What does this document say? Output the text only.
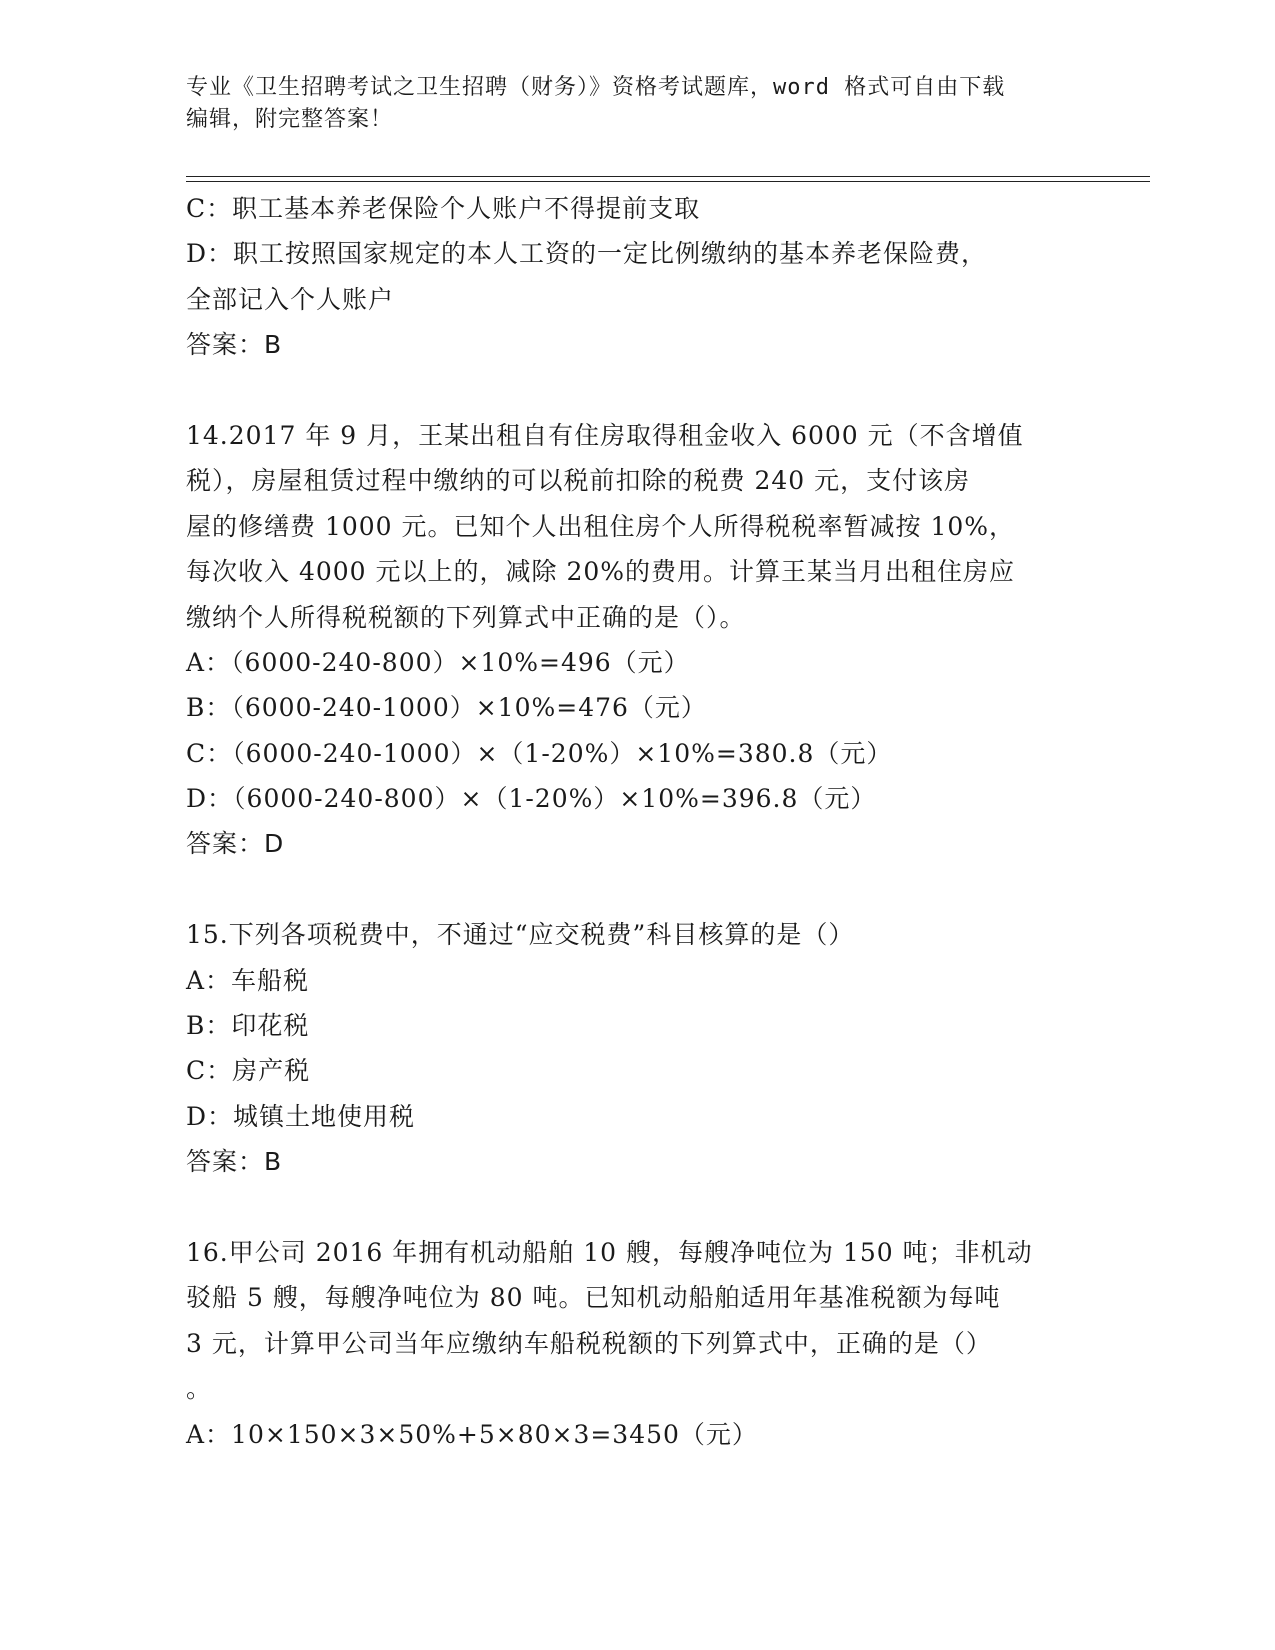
专业《卫生招聘考试之卫生招聘（财务）》资格考试题库，word 格式可自由下载
编辑，附完整答案！
C：职工基本养老保险个人账户不得提前支取
D：职工按照国家规定的本人工资的一定比例缴纳的基本养老保险费，
全部记入个人账户
答案：B
14.2017 年 9 月，王某出租自有住房取得租金收入 6000 元（不含增值
税），房屋租赁过程中缴纳的可以税前扣除的税费 240 元，支付该房
屋的修缮费 1000 元。已知个人出租住房个人所得税税率暂减按 10%，
每次收入 4000 元以上的，减除 20%的费用。计算王某当月出租住房应
缴纳个人所得税税额的下列算式中正确的是（）。
A：（6000-240-800）×10%=496（元）
B：（6000-240-1000）×10%=476（元）
C：（6000-240-1000）×（1-20%）×10%=380.8（元）
D：（6000-240-800）×（1-20%）×10%=396.8（元）
答案：D
15.下列各项税费中，不通过“应交税费”科目核算的是（）
A：车船税
B：印花税
C：房产税
D：城镇土地使用税
答案：B
16.甲公司 2016 年拥有机动船舶 10 艘，每艘净吨位为 150 吨；非机动
驳船 5 艘，每艘净吨位为 80 吨。已知机动船舶适用年基准税额为每吨
3 元，计算甲公司当年应缴纳车船税税额的下列算式中，正确的是（）
。
A：10×150×3×50%+5×80×3=3450（元）
